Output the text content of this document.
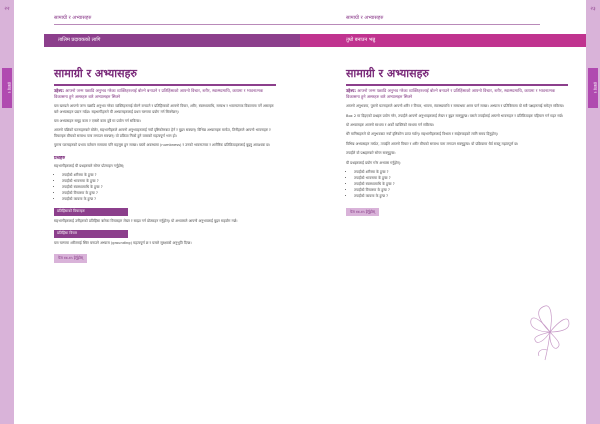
२२
इकाइ २
सामाग्री र अभ्यासहरु
तालिम प्रदायकको लागि
सामाग्री र अभ्यासहरु
उद्देश्य: आफ्नो जन्म पछाडि अनुभव गरेका व्यक्तिहरुलाई बोल्ने बनाउने र प्रतिहिंसाको आफ्नो विचार, शरीर, स्वास्थ्यमाथि, कायमा र भावनात्मक विकासमा हुने असरहरु बारे अभ्यासहरु सिक्ने

यस खण्डले आफ्नो जन्म पछाडि अनुभव गरेका व्यक्तिहरुलाई बोल्ने बनाउने र प्रतिहिंसाको आफ्नो विचार, शरीर, स्वास्थ्यमाथि, सम्बन्ध र भावनात्मक विकासमा पर्ने असरहरु बारे अभ्यासहरु प्रदान गर्दछ। सहभागीहरुले यी अभ्यासहरुलाई प्रथम चरणमा प्रयोग गर्न सिक्नेछन्।

यस अभ्यासहरु समूह काम र एक्लो काम दुबै मा प्रयोग गर्न सकिन्छ।

आफ्नो पछिको घटनाहरुबारे बोलेर, सहभागीहरुले आफ्नो अनुभवहरुलाई नयाँ दृष्टिकोणबाट हेर्न र बुझ्न सक्छन्। विभिन्न अभ्यासहरु मार्फत, तिनीहरुले आफ्नो भावनाहरु र विचारहरु बीचको सम्बन्ध पत्ता लगाउन सक्छन्। यो प्रक्रिया निको हुने यात्राको महत्वपूर्ण भाग हो।

पुराना घटनाहरुको प्रभाव वर्तमान समयमा पनि महसुस हुन सक्छ। यस्तो अवस्थामा (numbness) र उनको भावनात्मक र शारीरिक प्रतिक्रियाहरुलाई बुझ्नु आवश्यक छ।

प्रश्नहरु

सहभागीहरुलाई यी प्रश्नहरुबारे सोच्न प्रोत्साहन गर्नुहोस्:

• तपाईंको शरीरमा के हुन्छ ?
• तपाईंको भावनामा के हुन्छ ?
• तपाईंको स्वास्थ्यमाथि के हुन्छ ?
• तपाईंको विचारमा के हुन्छ ?
• तपाईंको कायमा के हुन्छ ?
प्रतिहिंसाको विचारहरु

सहभागीहरुलाई उनीहरुको प्रतिहिंसा बारेका विचारहरु लेख्न र साझा गर्न प्रोत्साहन गर्नुहोस्। यो अभ्यासले आफ्नो अनुभवलाई बुझ्न सहयोग गर्छ।

प्रतिहिंसा विचार

यस चरणमा शरीरलाई स्थिर बनाउने अभ्यास (grounding) महत्वपूर्ण छ र यसले सुरक्षाको अनुभूति दिन्छ।

पेज ४४-४५ हेर्नुहोस्
सामाग्री र अभ्यासहरु
तुम्रो बनाउन भन्नु
सामाग्री र अभ्यासहरु
उद्देश्य: आफ्नो जन्म पछाडि अनुभव गरेका व्यक्तिहरुलाई बोल्ने बनाउने र प्रतिहिंसाको आफ्नो विचार, शरीर, स्वास्थ्यमाथि, कायमा र भावनात्मक विकासमा हुने असरहरु बारे अभ्यासहरु सिक्ने

आफ्नो अनुभवमा, पुरानो घटनाहरुले आफ्नो शरीर र विचार, भावना, स्वास्थ्यमाथि र सम्बन्धमा असर पार्न सक्छ। अभ्यास र प्रतिबिम्बमा यो सबै पक्षहरुलाई समेट्न सकिन्छ।

Box 2 मा दिइएको प्रश्नहरु प्रयोग गरेर, तपाईंले आफ्नो अनुभवहरुलाई लेख्न र बुझ्न सक्नुहुन्छ। यसले तपाईंलाई आफ्नो भावनाहरु र प्रतिक्रियाहरु पहिचान गर्न मद्दत गर्छ।

यो अभ्यासहरु आफ्नो साथमा र अर्को व्यक्तिको साथमा गर्न सकिन्छ।

धेरै मानिसहरुले यो अनुभवबाट नयाँ दृष्टिकोण प्राप्त गर्छन्। सहभागीहरुलाई विश्राम र स्वहेरचाहको लागि समय दिनुहोस्।

विभिन्न अभ्यासहरु मार्फत, तपाईंले आफ्नो विचार र शरीर बीचको सम्बन्ध पत्ता लगाउन सक्नुहुन्छ। यो प्रक्रियामा धैर्य राख्नु महत्वपूर्ण छ।

तपाईंले यो प्रश्नहरुबारे सोच्न सक्नुहुन्छ:

यी प्रश्नहरुलाई प्रयोग गरेर अभ्यास गर्नुहोस्:

• तपाईंको शरीरमा के हुन्छ ?
• तपाईंको भावनामा के हुन्छ ?
• तपाईंको स्वास्थ्यमाथि के हुन्छ ?
• तपाईंको विचारमा के हुन्छ ?
• तपाईंको कायमा के हुन्छ ?
पेज ४४-४५ हेर्नुहोस्
२३
इकाइ २
